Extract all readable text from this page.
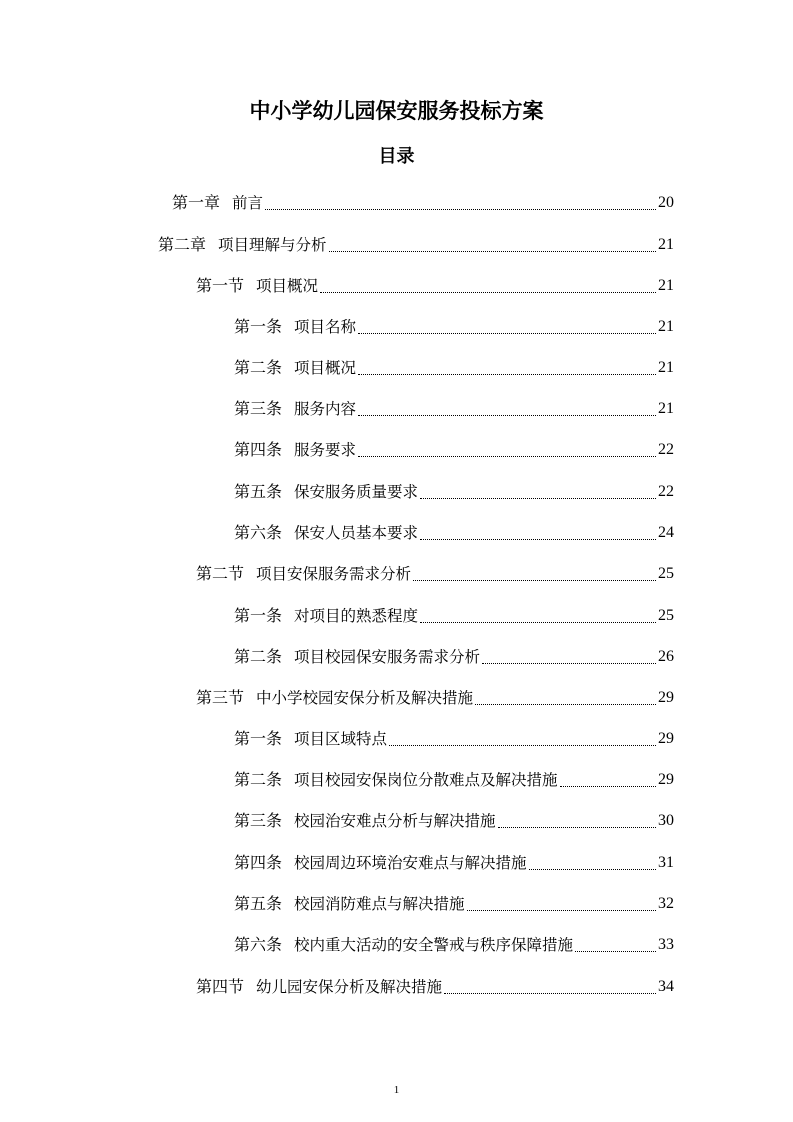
中小学幼儿园保安服务投标方案
目录
第一章 前言	20
第二章 项目理解与分析	21
第一节 项目概况	21
第一条 项目名称	21
第二条 项目概况	21
第三条 服务内容	21
第四条 服务要求	22
第五条 保安服务质量要求	22
第六条 保安人员基本要求	24
第二节 项目安保服务需求分析	25
第一条 对项目的熟悉程度	25
第二条 项目校园保安服务需求分析	26
第三节 中小学校园安保分析及解决措施	29
第一条 项目区域特点	29
第二条 项目校园安保岗位分散难点及解决措施	29
第三条 校园治安难点分析与解决措施	30
第四条 校园周边环境治安难点与解决措施	31
第五条 校园消防难点与解决措施	32
第六条 校内重大活动的安全警戒与秩序保障措施	33
第四节 幼儿园安保分析及解决措施	34
1
